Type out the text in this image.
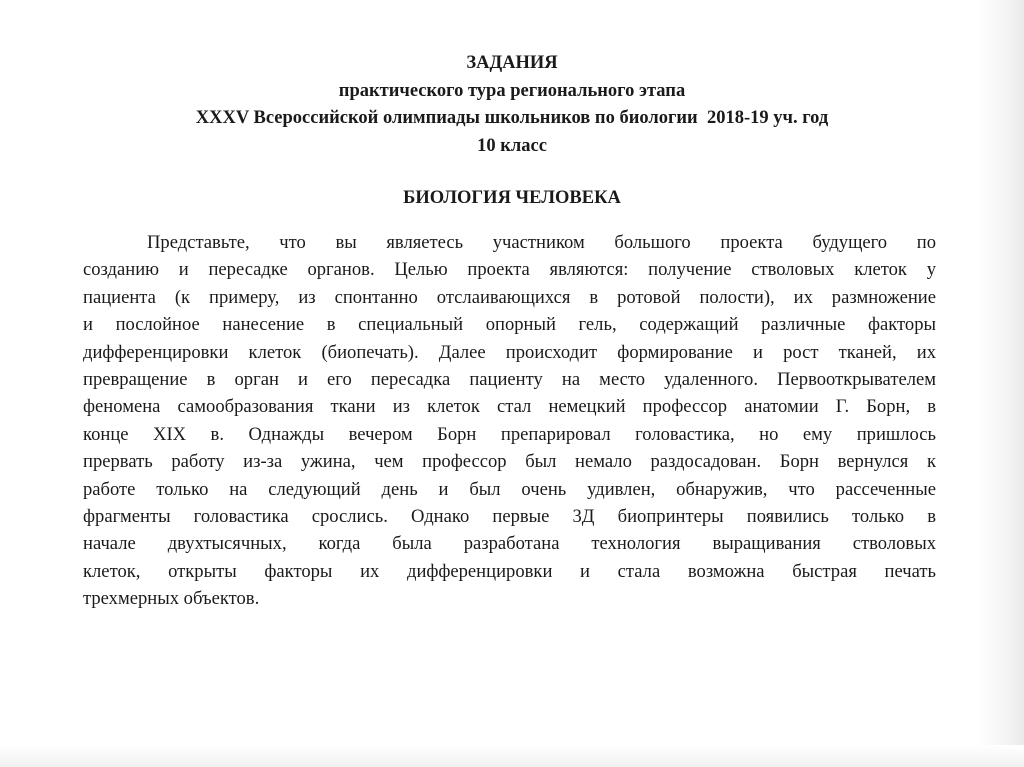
ЗАДАНИЯ
практического тура регионального этапа
XXXV Всероссийской олимпиады школьников по биологии  2018-19 уч. год
10 класс
БИОЛОГИЯ ЧЕЛОВЕКА
Представьте, что вы являетесь участником большого проекта будущего по
созданию и пересадке органов. Целью проекта являются: получение стволовых клеток у
пациента (к примеру, из спонтанно отслаивающихся в ротовой полости), их размножение
и послойное нанесение в специальный опорный гель, содержащий различные факторы
дифференцировки клеток (биопечать). Далее происходит формирование и рост тканей, их
превращение в орган и его пересадка пациенту на место удаленного. Первооткрывателем
феномена самообразования ткани из клеток стал немецкий профессор анатомии Г. Борн, в
конце XIX в. Однажды вечером Борн препарировал головастика, но ему пришлось
прервать работу из-за ужина, чем профессор был немало раздосадован. Борн вернулся к
работе только на следующий день и был очень удивлен, обнаружив, что рассеченные
фрагменты головастика срослись. Однако первые 3Д биопринтеры появились только в
начале двухтысячных, когда была разработана технология выращивания стволовых
клеток, открыты факторы их дифференцировки и стала возможна быстрая печать
трехмерных объектов.
